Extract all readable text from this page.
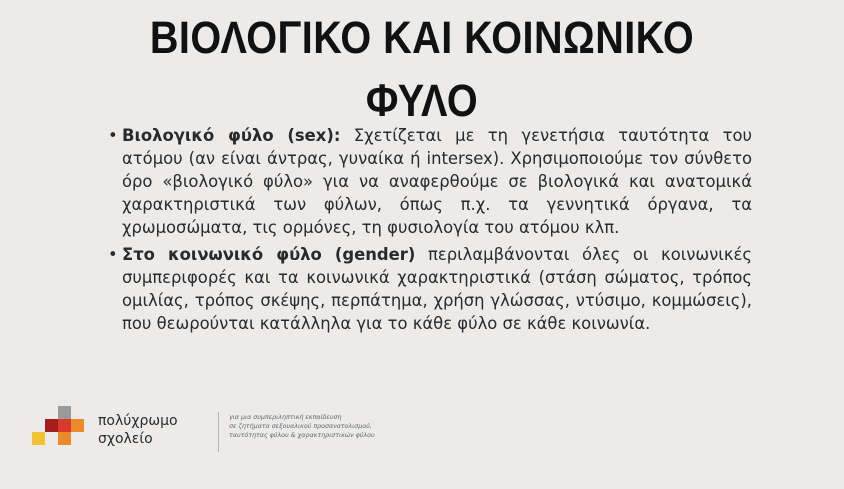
ΒΙΟΛΟΓΙΚΟ ΚΑΙ ΚΟΙΝΩΝΙΚΟ
ΦΥΛΟ
• Βιολογικό φύλο (sex): Σχετίζεται με τη γενετήσια ταυτότητα του ατόμου (αν είναι άντρας, γυναίκα ή intersex). Χρησιμοποιούμε τον σύνθετο όρο «βιολογικό φύλο» για να αναφερθούμε σε βιολογικά και ανατομικά χαρακτηριστικά των φύλων, όπως π.χ. τα γεννητικά όργανα, τα χρωμοσώματα, τις ορμόνες, τη φυσιολογία του ατόμου κλπ.
• Στο κοινωνικό φύλο (gender) περιλαμβάνονται όλες οι κοινωνικές συμπεριφορές και τα κοινωνικά χαρακτηριστικά (στάση σώματος, τρόπος ομιλίας, τρόπος σκέψης, περπάτημα, χρήση γλώσσας, ντύσιμο, κομμώσεις), που θεωρούνται κατάλληλα για το κάθε φύλο σε κάθε κοινωνία.
πολύχρωμο
σχολείο
για μια συμπεριληπτική εκπαίδευση
σε ζητήματα σεξουαλικού προσανατολισμού,
ταυτότητας φύλου & χαρακτηριστικών φύλου
